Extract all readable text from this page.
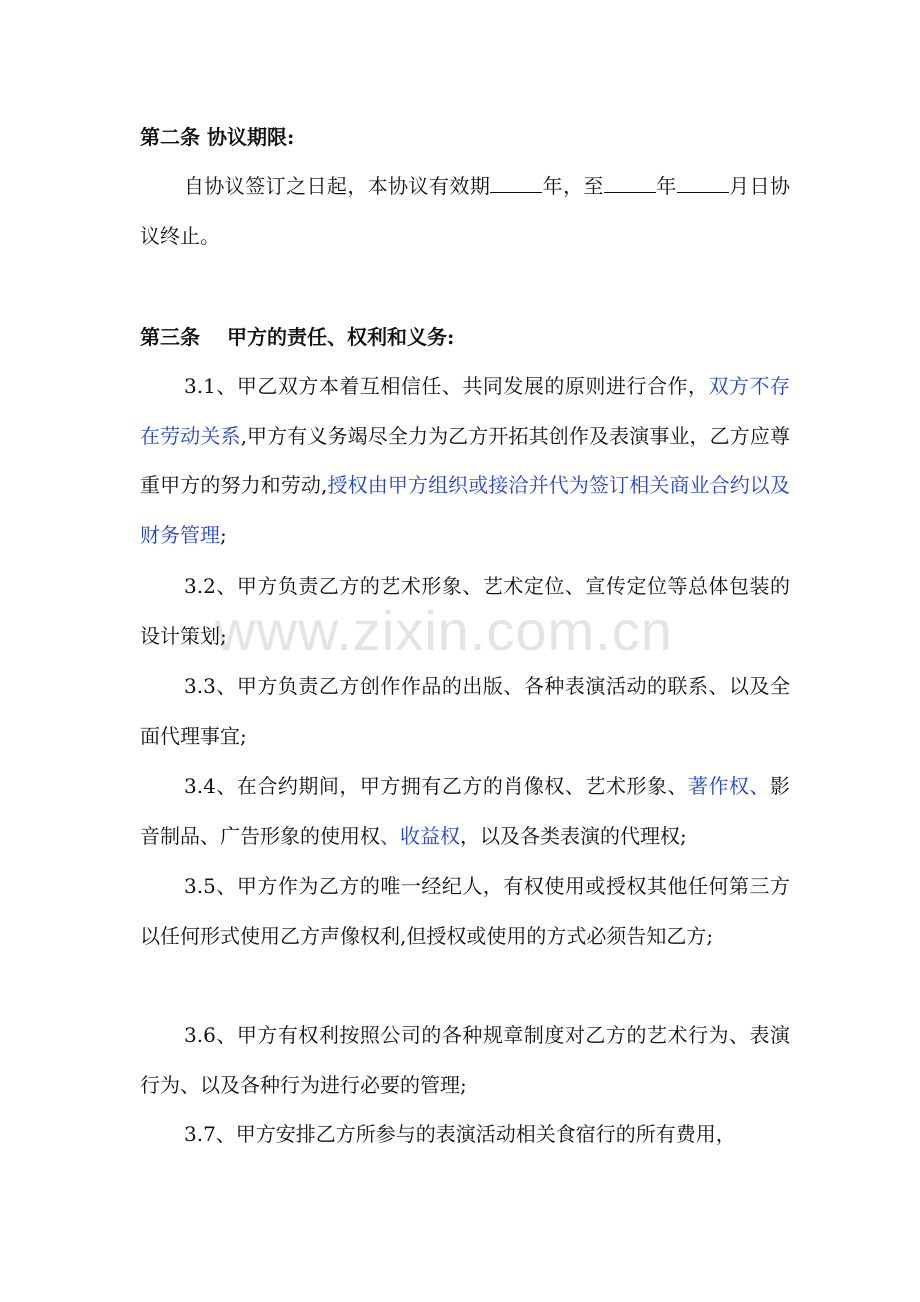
www.zixin.com.cn
第二条 协议期限:

自协议签订之日起，本协议有效期	年，至	年	月日协议终止。

第三条　 甲方的责任、权利和义务:

3.1、甲乙双方本着互相信任、共同发展的原则进行合作，双方不存在劳动关系,甲方有义务竭尽全力为乙方开拓其创作及表演事业，乙方应尊重甲方的努力和劳动,授权由甲方组织或接洽并代为签订相关商业合约以及财务管理;

3.2、甲方负责乙方的艺术形象、艺术定位、宣传定位等总体包装的设计策划;

3.3、甲方负责乙方创作作品的出版、各种表演活动的联系、以及全面代理事宜;

3.4、在合约期间，甲方拥有乙方的肖像权、艺术形象、著作权、影音制品、广告形象的使用权、收益权，以及各类表演的代理权;

3.5、甲方作为乙方的唯一经纪人，有权使用或授权其他任何第三方以任何形式使用乙方声像权利,但授权或使用的方式必须告知乙方;

3.6、甲方有权利按照公司的各种规章制度对乙方的艺术行为、表演行为、以及各种行为进行必要的管理;

3.7、甲方安排乙方所参与的表演活动相关食宿行的所有费用，
